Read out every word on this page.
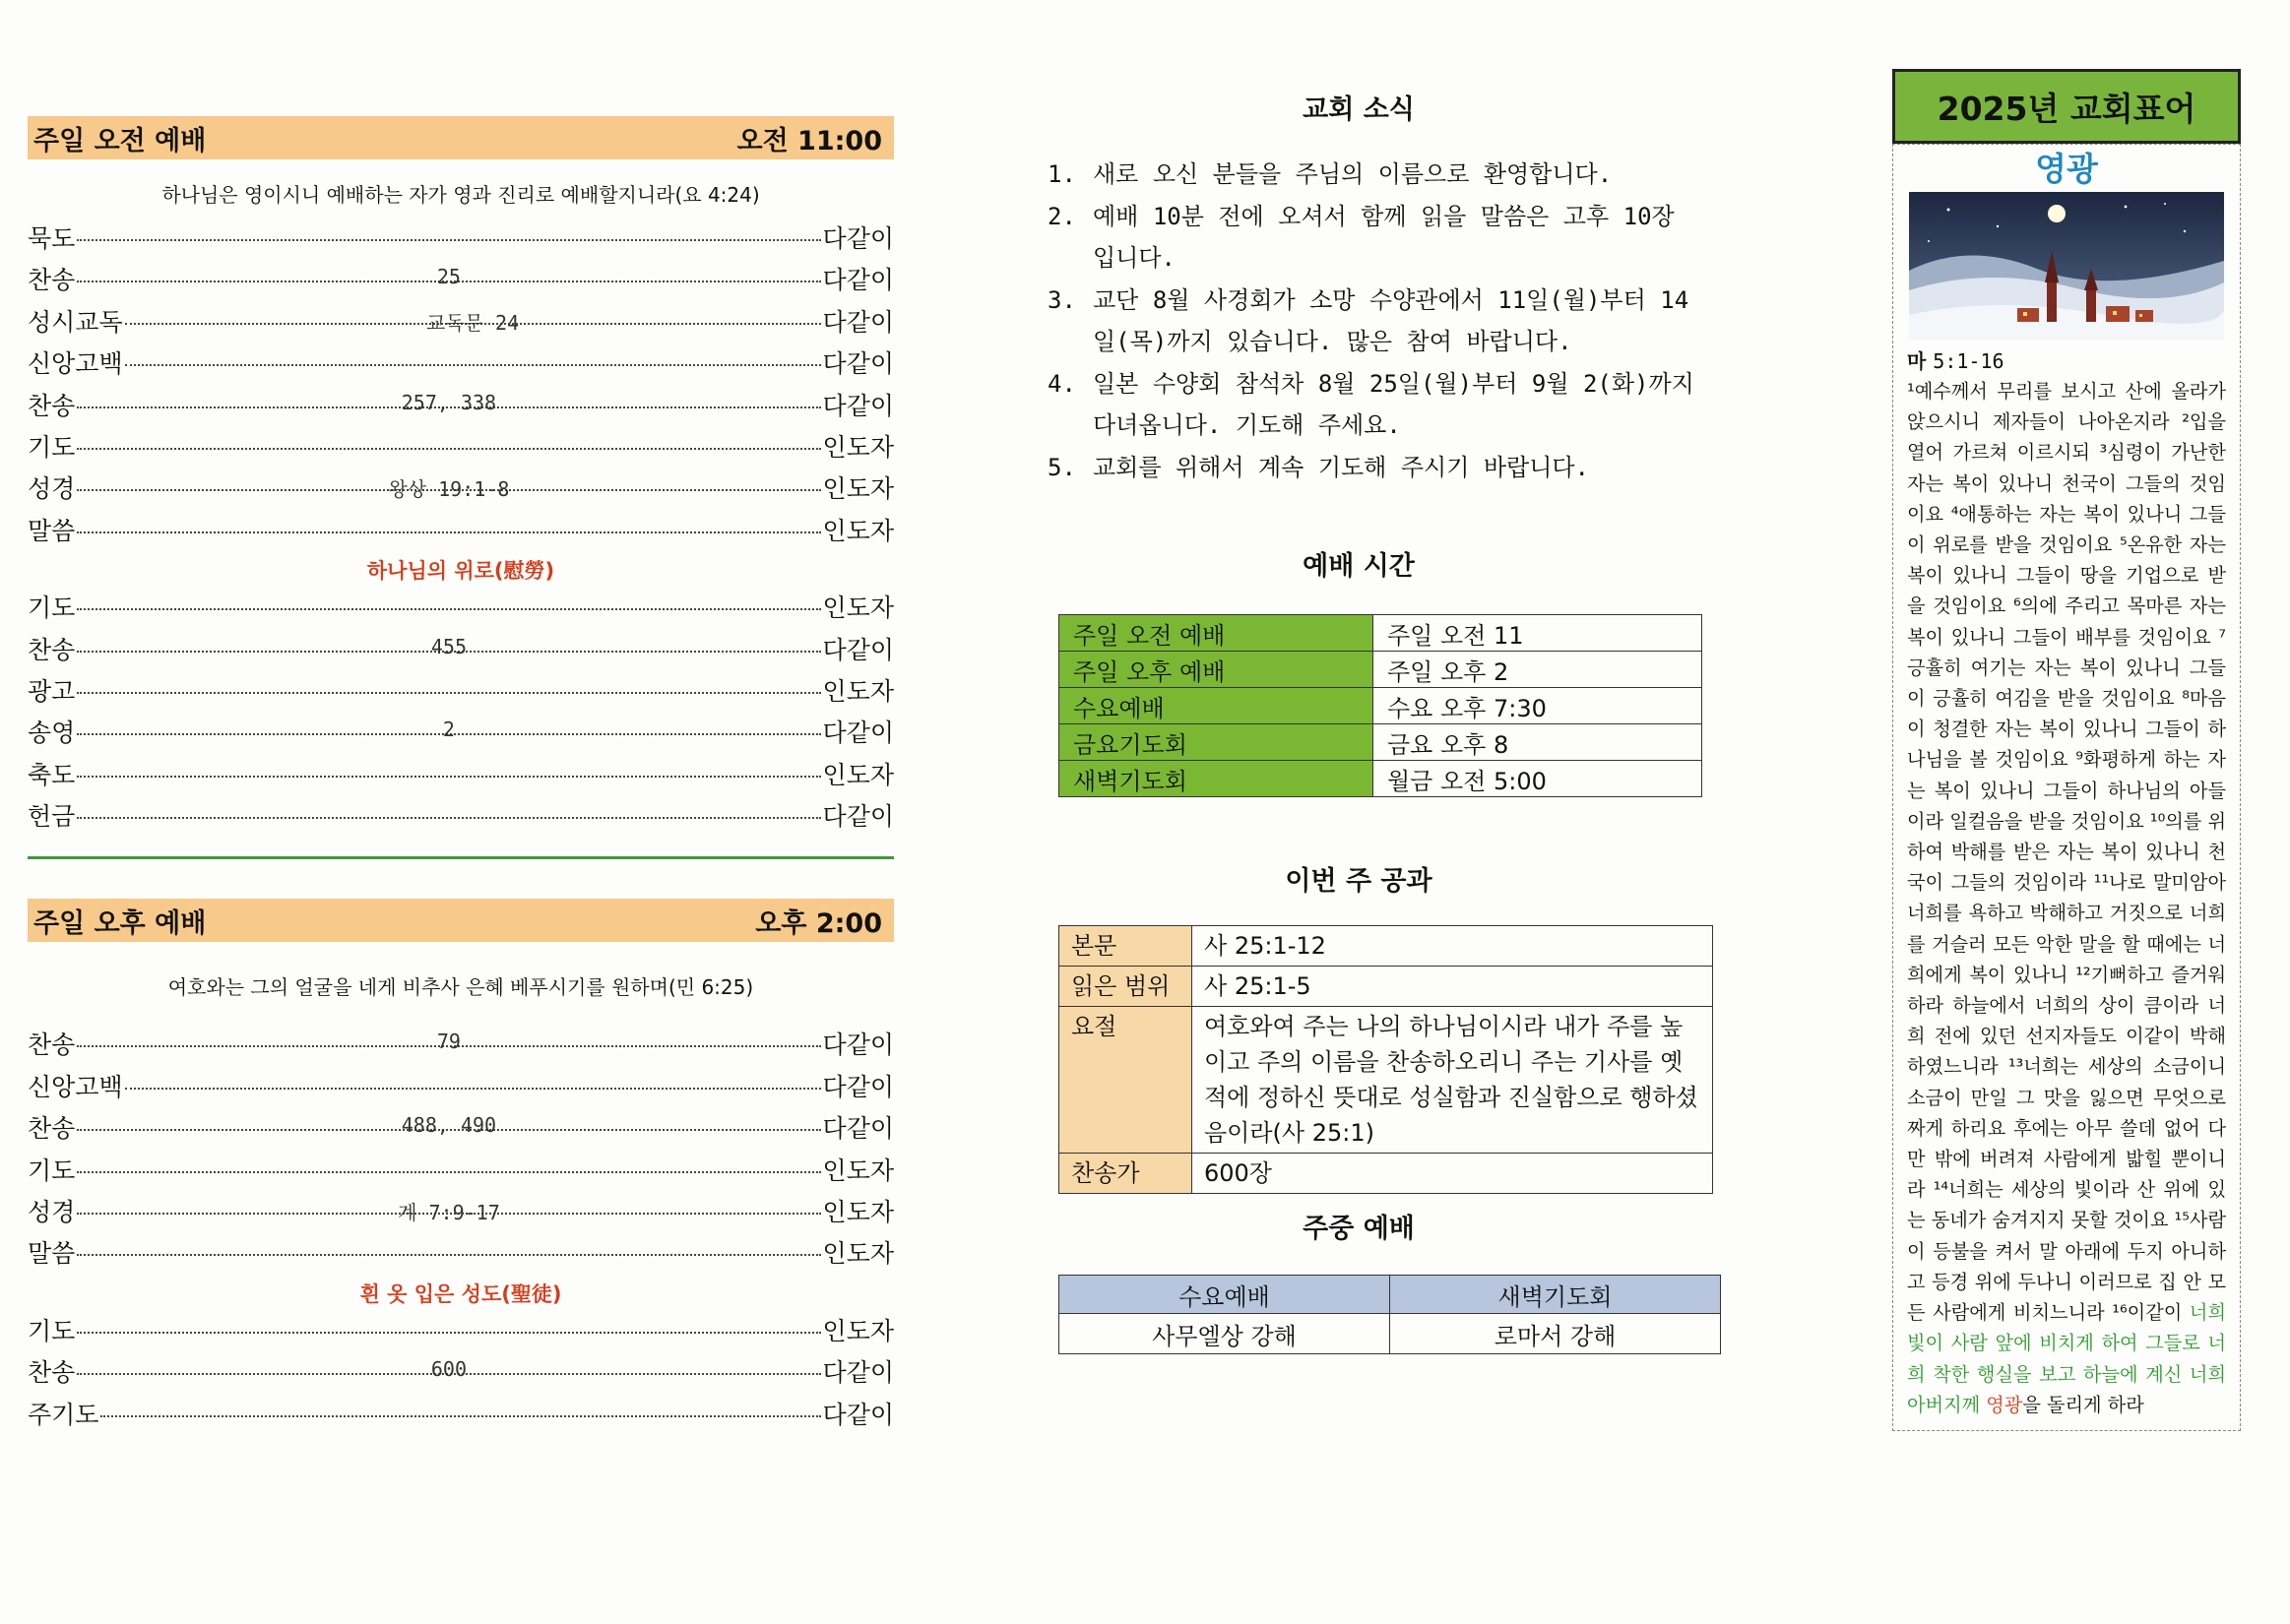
주일 오전 예배	오전 11:00
하나님은 영이시니 예배하는 자가 영과 진리로 예배할지니라(요 4:24)
묵도	다같이
찬송	25	다같이
성시교독	교독문 24	다같이
신앙고백	다같이
찬송	257, 338	다같이
기도	인도자
성경	왕상 19:1-8	인도자
말씀	인도자
하나님의 위로(慰勞)
기도	인도자
찬송	455	다같이
광고	인도자
송영	2	다같이
축도	인도자
헌금	다같이
주일 오후 예배	오후 2:00
여호와는 그의 얼굴을 네게 비추사 은혜 베푸시기를 원하며(민 6:25)
찬송	79	다같이
신앙고백	다같이
찬송	488, 490	다같이
기도	인도자
성경	계 7:9-17	인도자
말씀	인도자
흰 옷 입은 성도(聖徒)
기도	인도자
찬송	600	다같이
주기도	다같이
교회 소식
1. 새로 오신 분들을 주님의 이름으로 환영합니다.
2. 예배 10분 전에 오셔서 함께 읽을 말씀은 고후 10장 입니다.
3. 교단 8월 사경회가 소망 수양관에서 11일(월)부터 14일(목)까지 있습니다. 많은 참여 바랍니다.
4. 일본 수양회 참석차 8월 25일(월)부터 9월 2(화)까지 다녀옵니다. 기도해 주세요.
5. 교회를 위해서 계속 기도해 주시기 바랍니다.
예배 시간
주일 오전 예배	주일 오전 11
주일 오후 예배	주일 오후 2
수요예배	수요 오후 7:30
금요기도회	금요 오후 8
새벽기도회	월금 오전 5:00
이번 주 공과
본문	사 25:1-12
읽은 범위	사 25:1-5
요절	여호와여 주는 나의 하나님이시라 내가 주를 높이고 주의 이름을 찬송하오리니 주는 기사를 옛적에 정하신 뜻대로 성실함과 진실함으로 행하셨음이라(사 25:1)
찬송가	600장
주중 예배
수요예배	새벽기도회
사무엘상 강해	로마서 강해
2025년 교회표어
영광
마 5:1-16
¹예수께서 무리를 보시고 산에 올라가 앉으시니 제자들이 나아온지라 ²입을 열어 가르쳐 이르시되 ³심령이 가난한 자는 복이 있나니 천국이 그들의 것임이요 ⁴애통하는 자는 복이 있나니 그들이 위로를 받을 것임이요 ⁵온유한 자는 복이 있나니 그들이 땅을 기업으로 받을 것임이요 ⁶의에 주리고 목마른 자는 복이 있나니 그들이 배부를 것임이요 ⁷긍휼히 여기는 자는 복이 있나니 그들이 긍휼히 여김을 받을 것임이요 ⁸마음이 청결한 자는 복이 있나니 그들이 하나님을 볼 것임이요 ⁹화평하게 하는 자는 복이 있나니 그들이 하나님의 아들이라 일컬음을 받을 것임이요 ¹⁰의를 위하여 박해를 받은 자는 복이 있나니 천국이 그들의 것임이라 ¹¹나로 말미암아 너희를 욕하고 박해하고 거짓으로 너희를 거슬러 모든 악한 말을 할 때에는 너희에게 복이 있나니 ¹²기뻐하고 즐거워하라 하늘에서 너희의 상이 큼이라 너희 전에 있던 선지자들도 이같이 박해하였느니라 ¹³너희는 세상의 소금이니 소금이 만일 그 맛을 잃으면 무엇으로 짜게 하리요 후에는 아무 쓸데 없어 다만 밖에 버려져 사람에게 밟힐 뿐이니라 ¹⁴너희는 세상의 빛이라 산 위에 있는 동네가 숨겨지지 못할 것이요 ¹⁵사람이 등불을 켜서 말 아래에 두지 아니하고 등경 위에 두나니 이러므로 집 안 모든 사람에게 비치느니라 ¹⁶이같이 너희 빛이 사람 앞에 비치게 하여 그들로 너희 착한 행실을 보고 하늘에 계신 너희 아버지께 영광을 돌리게 하라
